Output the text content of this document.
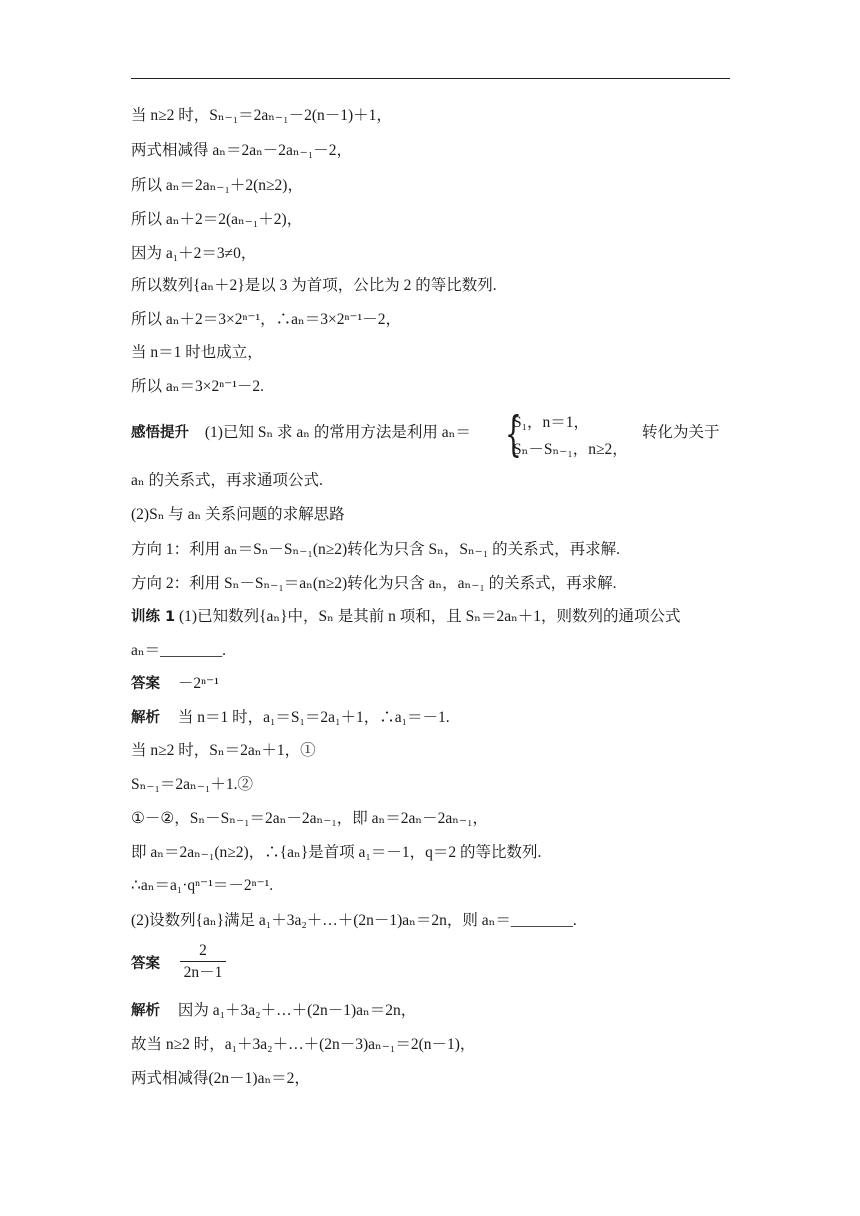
当 n≥2 时，Sₙ₋₁＝2aₙ₋₁－2(n－1)＋1，
两式相减得 aₙ＝2aₙ－2aₙ₋₁－2，
所以 aₙ＝2aₙ₋₁＋2(n≥2)，
所以 aₙ＋2＝2(aₙ₋₁＋2)，
因为 a₁＋2＝3≠0，
所以数列{aₙ＋2}是以 3 为首项，公比为 2 的等比数列.
所以 aₙ＋2＝3×2ⁿ⁻¹，∴aₙ＝3×2ⁿ⁻¹－2，
当 n＝1 时也成立，
所以 aₙ＝3×2ⁿ⁻¹－2.
感悟提升 (1)已知 Sₙ 求 aₙ 的常用方法是利用 aₙ＝ {
S₁，n＝1，
Sₙ－Sₙ₋₁，n≥2，
转化为关于
aₙ 的关系式，再求通项公式.
(2)Sₙ 与 aₙ 关系问题的求解思路
方向 1：利用 aₙ＝Sₙ－Sₙ₋₁(n≥2)转化为只含 Sₙ，Sₙ₋₁ 的关系式，再求解.
方向 2：利用 Sₙ－Sₙ₋₁＝aₙ(n≥2)转化为只含 aₙ，aₙ₋₁ 的关系式，再求解.
训练 1 (1)已知数列{aₙ}中，Sₙ 是其前 n 项和，且 Sₙ＝2aₙ＋1，则数列的通项公式
aₙ＝________.
答案 －2ⁿ⁻¹
解析 当 n＝1 时，a₁＝S₁＝2a₁＋1，∴a₁＝－1.
当 n≥2 时，Sₙ＝2aₙ＋1，①
Sₙ₋₁＝2aₙ₋₁＋1.②
①－②，Sₙ－Sₙ₋₁＝2aₙ－2aₙ₋₁，即 aₙ＝2aₙ－2aₙ₋₁，
即 aₙ＝2aₙ₋₁(n≥2)，∴{aₙ}是首项 a₁＝－1，q＝2 的等比数列.
∴aₙ＝a₁·qⁿ⁻¹＝－2ⁿ⁻¹.
(2)设数列{aₙ}满足 a₁＋3a₂＋…＋(2n－1)aₙ＝2n，则 aₙ＝________.
答案
2
2n－1
解析 因为 a₁＋3a₂＋…＋(2n－1)aₙ＝2n，
故当 n≥2 时，a₁＋3a₂＋…＋(2n－3)aₙ₋₁＝2(n－1)，
两式相减得(2n－1)aₙ＝2，
